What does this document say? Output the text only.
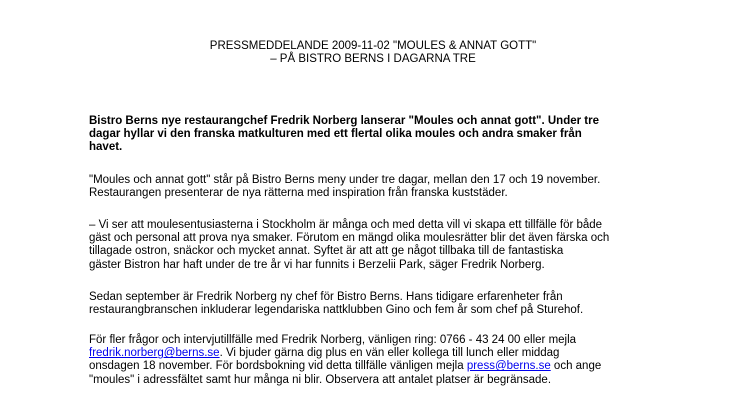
PRESSMEDDELANDE 2009-11-02 "MOULES & ANNAT GOTT"
– PÅ BISTRO BERNS I DAGARNA TRE
Bistro Berns nye restaurangchef Fredrik Norberg lanserar "Moules och annat gott". Under tre
dagar hyllar vi den franska matkulturen med ett flertal olika moules och andra smaker från
havet.
"Moules och annat gott" står på Bistro Berns meny under tre dagar, mellan den 17 och 19 november.
Restaurangen presenterar de nya rätterna med inspiration från franska kuststäder.
– Vi ser att moulesentusiasterna i Stockholm är många och med detta vill vi skapa ett tillfälle för både
gäst och personal att prova nya smaker. Förutom en mängd olika moulesrätter blir det även färska och
tillagade ostron, snäckor och mycket annat. Syftet är att att ge något tillbaka till de fantastiska
gäster Bistron har haft under de tre år vi har funnits i Berzelii Park, säger Fredrik Norberg.
Sedan september är Fredrik Norberg ny chef för Bistro Berns. Hans tidigare erfarenheter från
restaurangbranschen inkluderar legendariska nattklubben Gino och fem år som chef på Sturehof.
För fler frågor och intervjutillfälle med Fredrik Norberg, vänligen ring: 0766 - 43 24 00 eller mejla
fredrik.norberg@berns.se. Vi bjuder gärna dig plus en vän eller kollega till lunch eller middag
onsdagen 18 november. För bordsbokning vid detta tillfälle vänligen mejla press@berns.se och ange
"moules" i adressfältet samt hur många ni blir. Observera att antalet platser är begränsade.
